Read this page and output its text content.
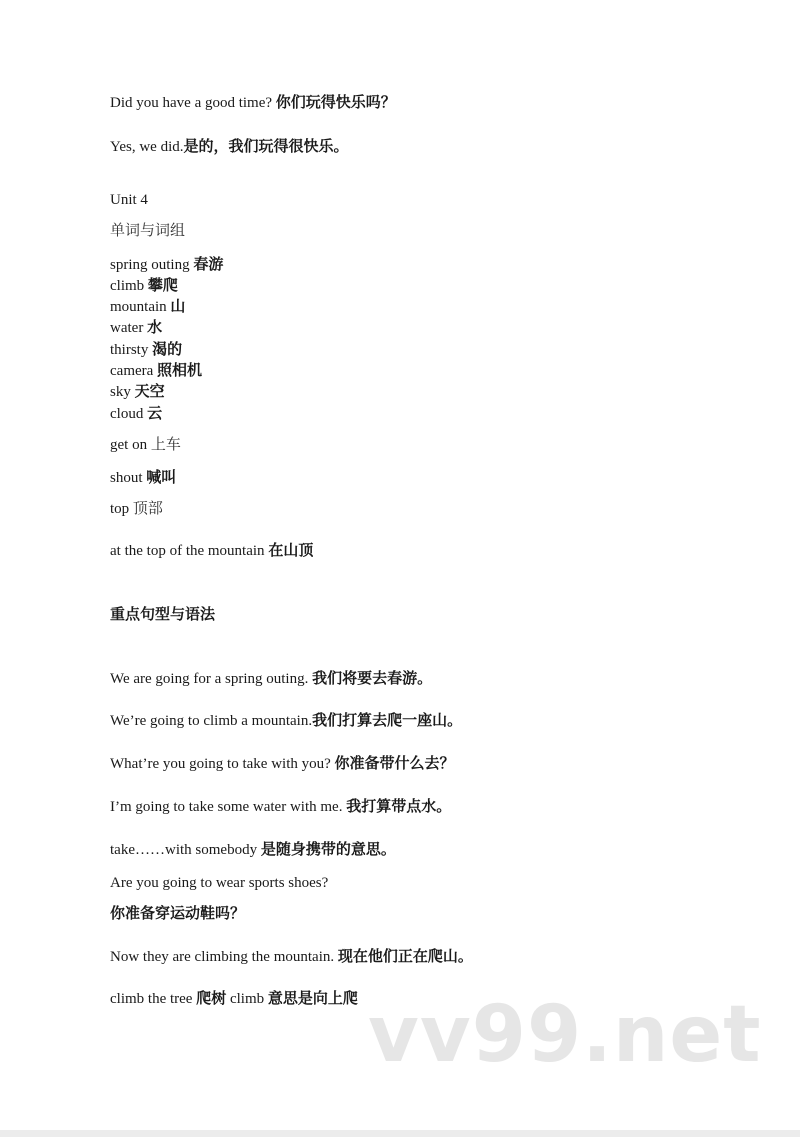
Did you have a good time? 你们玩得快乐吗？
Yes, we did.是的，我们玩得很快乐。
Unit 4
单词与词组
spring outing 春游
climb 攀爬
mountain 山
water 水
thirsty 渴的
camera 照相机
sky 天空
cloud 云
get on 上车
shout 喊叫
top 顶部
at the top of the mountain 在山顶
重点句型与语法
We are going for a spring outing. 我们将要去春游。
We’re going to climb a mountain.我们打算去爬一座山。
What’re you going to take with you? 你准备带什么去？
I’m going to take some water with me. 我打算带点水。
take……with somebody 是随身携带的意思。
Are you going to wear sports shoes?
你准备穿运动鞋吗？
Now they are climbing the mountain. 现在他们正在爬山。
climb the tree 爬树 climb 意思是向上爬 vv99.net
